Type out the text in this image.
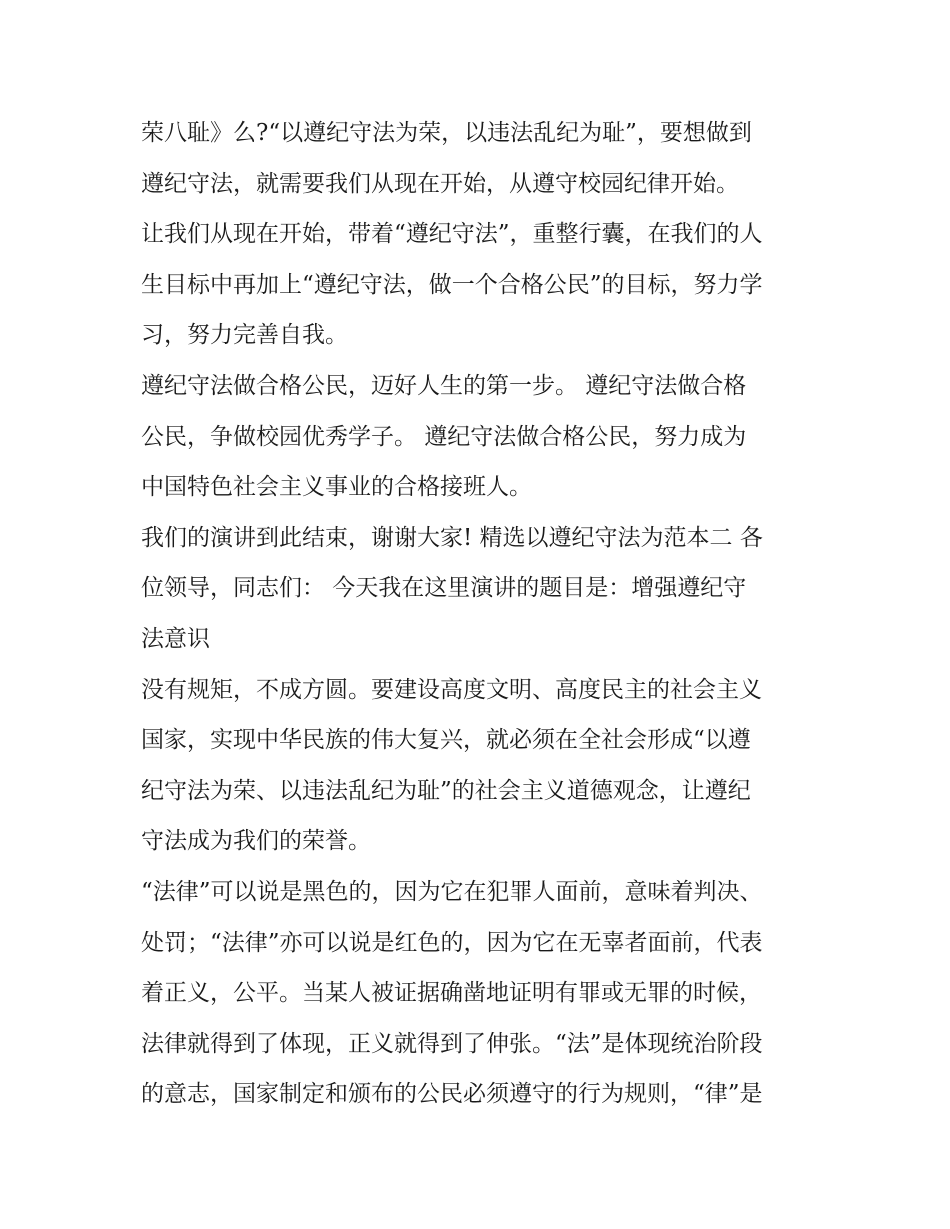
荣八耻》么?“以遵纪守法为荣，以违法乱纪为耻”，要想做到
遵纪守法，就需要我们从现在开始，从遵守校园纪律开始。
让我们从现在开始，带着“遵纪守法”，重整行囊，在我们的人
生目标中再加上“遵纪守法，做一个合格公民”的目标，努力学
习，努力完善自我。
遵纪守法做合格公民，迈好人生的第一步。 遵纪守法做合格
公民，争做校园优秀学子。 遵纪守法做合格公民，努力成为
中国特色社会主义事业的合格接班人。
我们的演讲到此结束，谢谢大家! 精选以遵纪守法为范本二 各
位领导，同志们： 今天我在这里演讲的题目是：增强遵纪守
法意识
没有规矩，不成方圆。要建设高度文明、高度民主的社会主义
国家，实现中华民族的伟大复兴，就必须在全社会形成“以遵
纪守法为荣、以违法乱纪为耻”的社会主义道德观念，让遵纪
守法成为我们的荣誉。
“法律”可以说是黑色的，因为它在犯罪人面前，意味着判决、
处罚；“法律”亦可以说是红色的，因为它在无辜者面前，代表
着正义，公平。当某人被证据确凿地证明有罪或无罪的时候，
法律就得到了体现，正义就得到了伸张。“法”是体现统治阶段
的意志，国家制定和颁布的公民必须遵守的行为规则，“律”是
